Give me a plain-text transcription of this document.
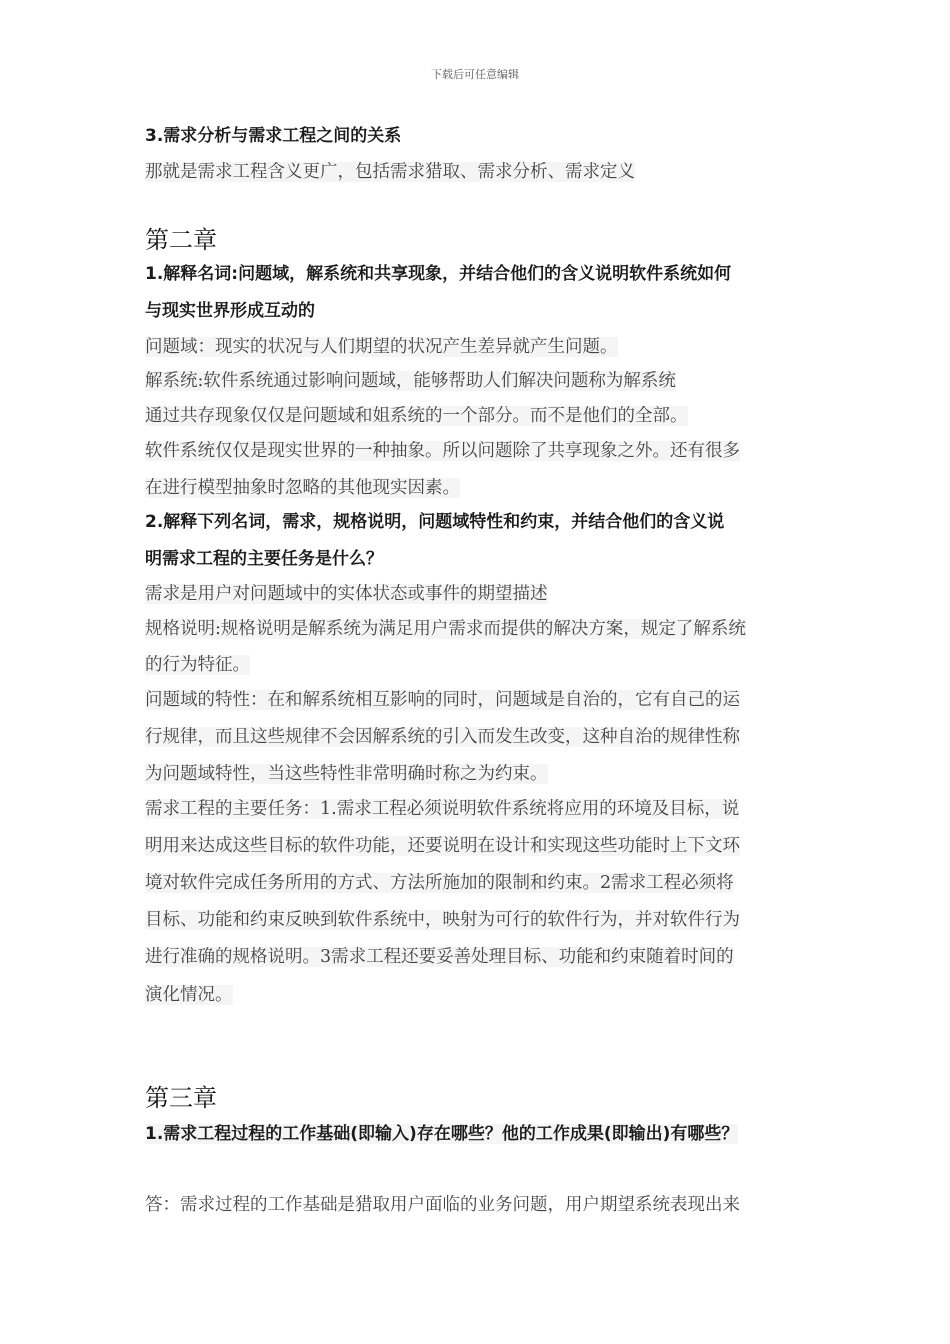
下载后可任意编辑
3.需求分析与需求工程之间的关系
那就是需求工程含义更广，包括需求猎取、需求分析、需求定义
第二章
1.解释名词:问题域，解系统和共享现象，并结合他们的含义说明软件系统如何
与现实世界形成互动的
问题域：现实的状况与人们期望的状况产生差异就产生问题。
解系统:软件系统通过影响问题域，能够帮助人们解决问题称为解系统
通过共存现象仅仅是问题域和姐系统的一个部分。而不是他们的全部。
软件系统仅仅是现实世界的一种抽象。所以问题除了共享现象之外。还有很多
在进行模型抽象时忽略的其他现实因素。
2.解释下列名词，需求，规格说明，问题域特性和约束，并结合他们的含义说
明需求工程的主要任务是什么？
需求是用户对问题域中的实体状态或事件的期望描述
规格说明:规格说明是解系统为满足用户需求而提供的解决方案，规定了解系统
的行为特征。
问题域的特性：在和解系统相互影响的同时，问题域是自治的，它有自己的运
行规律，而且这些规律不会因解系统的引入而发生改变，这种自治的规律性称
为问题域特性，当这些特性非常明确时称之为约束。
需求工程的主要任务：1.需求工程必须说明软件系统将应用的环境及目标，说
明用来达成这些目标的软件功能，还要说明在设计和实现这些功能时上下文环
境对软件完成任务所用的方式、方法所施加的限制和约束。2需求工程必须将
目标、功能和约束反映到软件系统中，映射为可行的软件行为，并对软件行为
进行准确的规格说明。3需求工程还要妥善处理目标、功能和约束随着时间的
演化情况。
第三章
1.需求工程过程的工作基础(即输入)存在哪些？他的工作成果(即输出)有哪些？
答：需求过程的工作基础是猎取用户面临的业务问题，用户期望系统表现出来
